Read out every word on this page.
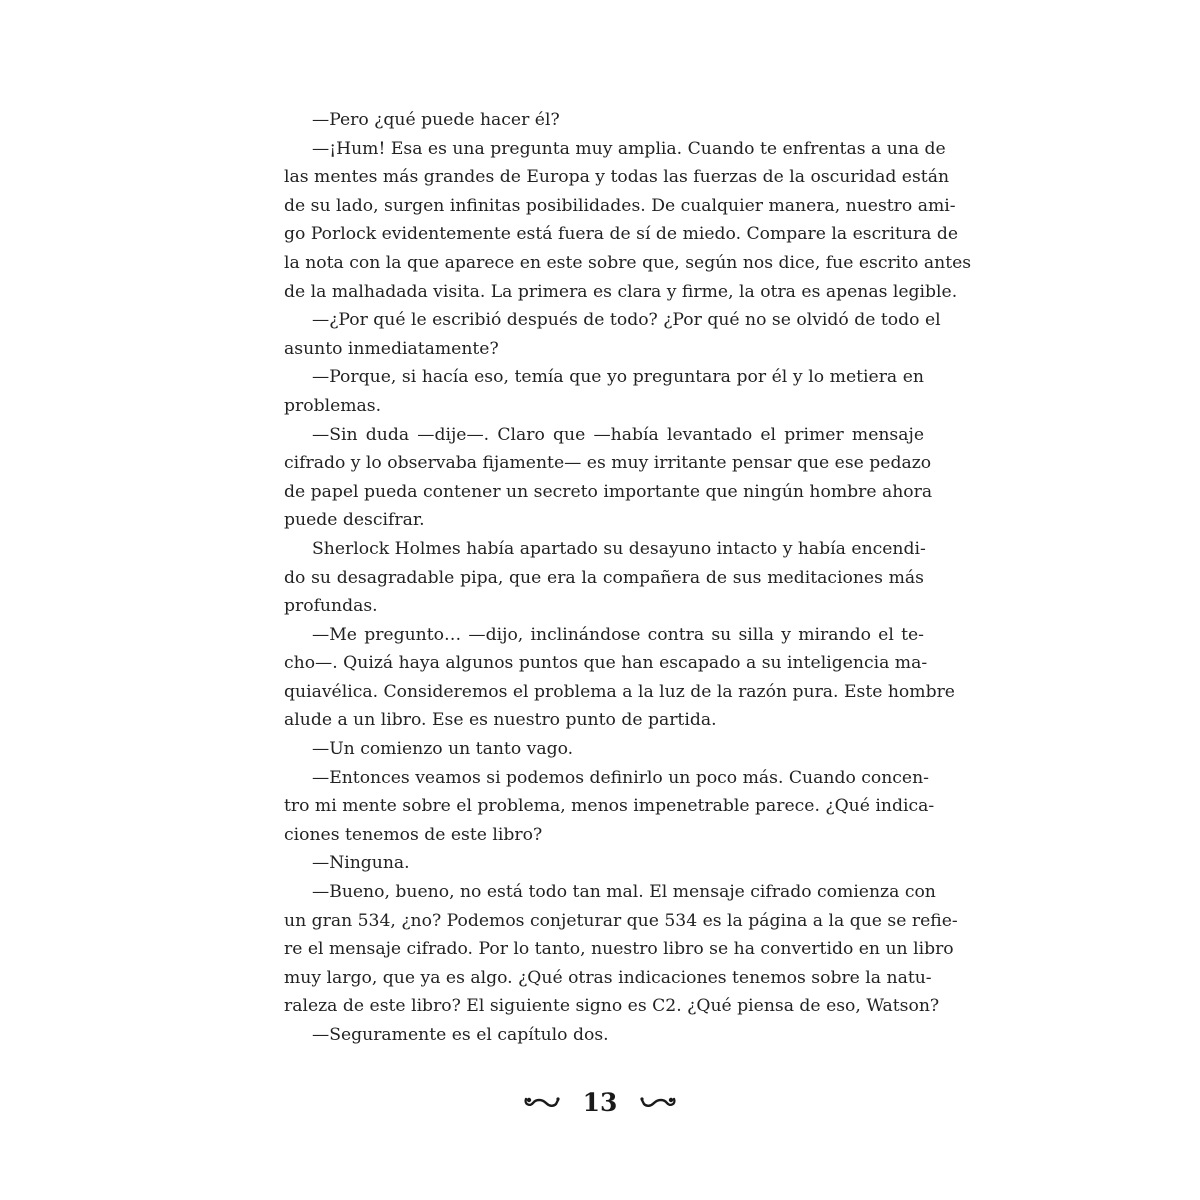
—Pero ¿qué puede hacer él?
—¡Hum! Esa es una pregunta muy amplia. Cuando te enfrentas a una de
las mentes más grandes de Europa y todas las fuerzas de la oscuridad están
de su lado, surgen infinitas posibilidades. De cualquier manera, nuestro ami-
go Porlock evidentemente está fuera de sí de miedo. Compare la escritura de
la nota con la que aparece en este sobre que, según nos dice, fue escrito antes
de la malhadada visita. La primera es clara y firme, la otra es apenas legible.
—¿Por qué le escribió después de todo? ¿Por qué no se olvidó de todo el
asunto inmediatamente?
—Porque, si hacía eso, temía que yo preguntara por él y lo metiera en
problemas.
—Sin duda —dije—. Claro que —había levantado el primer mensaje
cifrado y lo observaba fijamente— es muy irritante pensar que ese pedazo
de papel pueda contener un secreto importante que ningún hombre ahora
puede descifrar.
Sherlock Holmes había apartado su desayuno intacto y había encendi-
do su desagradable pipa, que era la compañera de sus meditaciones más
profundas.
—Me pregunto… —dijo, inclinándose contra su silla y mirando el te-
cho—. Quizá haya algunos puntos que han escapado a su inteligencia ma-
quiavélica. Consideremos el problema a la luz de la razón pura. Este hombre
alude a un libro. Ese es nuestro punto de partida.
—Un comienzo un tanto vago.
—Entonces veamos si podemos definirlo un poco más. Cuando concen-
tro mi mente sobre el problema, menos impenetrable parece. ¿Qué indica-
ciones tenemos de este libro?
—Ninguna.
—Bueno, bueno, no está todo tan mal. El mensaje cifrado comienza con
un gran 534, ¿no? Podemos conjeturar que 534 es la página a la que se refie-
re el mensaje cifrado. Por lo tanto, nuestro libro se ha convertido en un libro
muy largo, que ya es algo. ¿Qué otras indicaciones tenemos sobre la natu-
raleza de este libro? El siguiente signo es C2. ¿Qué piensa de eso, Watson?
—Seguramente es el capítulo dos.
13
